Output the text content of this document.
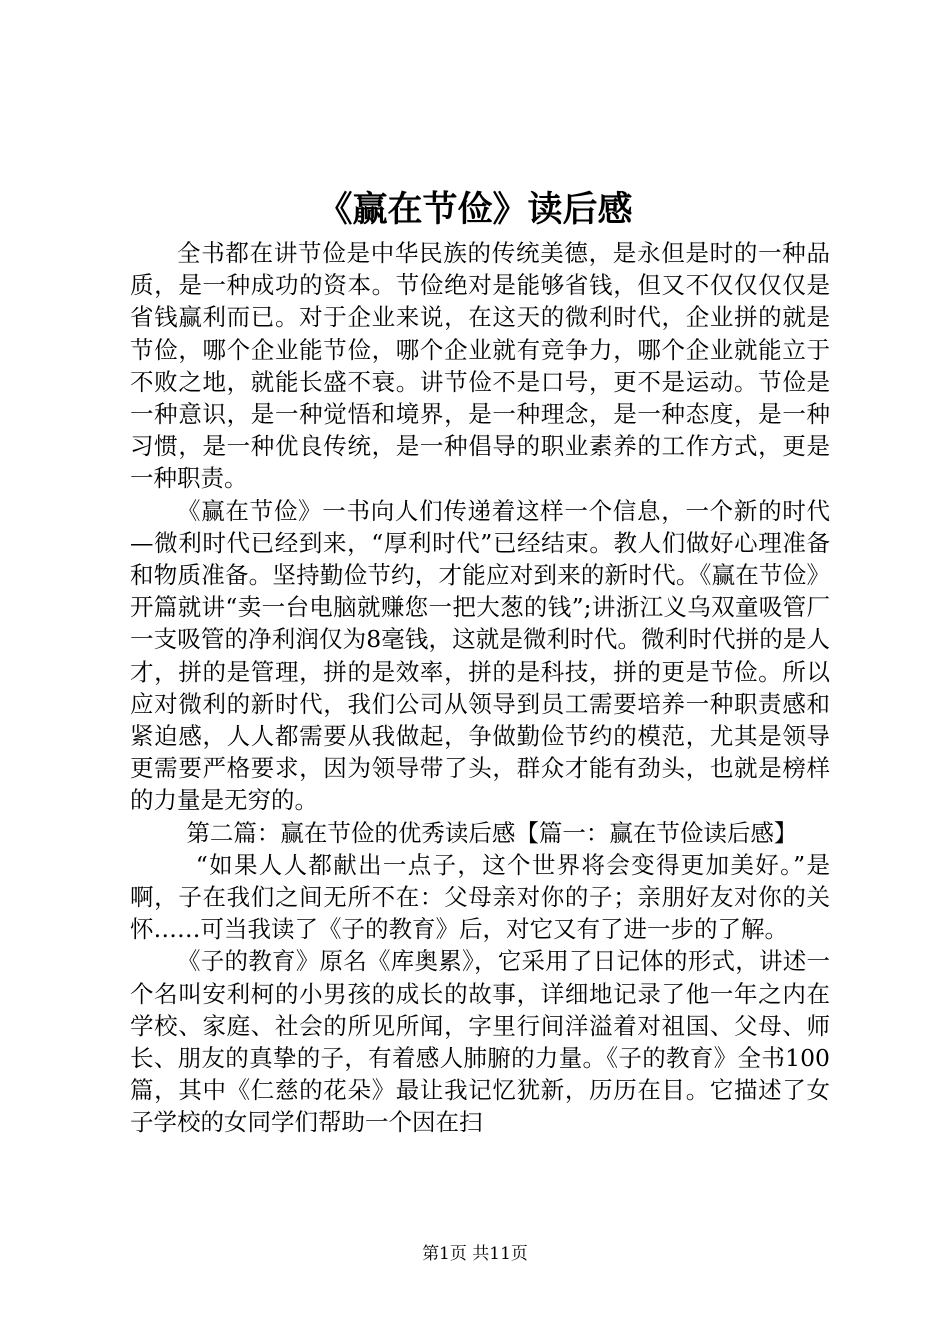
《赢在节俭》读后感

全书都在讲节俭是中华民族的传统美德，是永但是时的一种品质，是一种成功的资本。节俭绝对是能够省钱，但又不仅仅仅仅是省钱赢利而已。对于企业来说，在这天的微利时代，企业拼的就是节俭，哪个企业能节俭，哪个企业就有竞争力，哪个企业就能立于不败之地，就能长盛不衰。讲节俭不是口号，更不是运动。节俭是一种意识，是一种觉悟和境界，是一种理念，是一种态度，是一种习惯，是一种优良传统，是一种倡导的职业素养的工作方式，更是一种职责。

《赢在节俭》一书向人们传递着这样一个信息，一个新的时代—微利时代已经到来，“厚利时代”已经结束。教人们做好心理准备和物质准备。坚持勤俭节约，才能应对到来的新时代。《赢在节俭》开篇就讲“卖一台电脑就赚您一把大葱的钱”;讲浙江义乌双童吸管厂一支吸管的净利润仅为8毫钱，这就是微利时代。微利时代拼的是人才，拼的是管理，拼的是效率，拼的是科技，拼的更是节俭。所以应对微利的新时代，我们公司从领导到员工需要培养一种职责感和紧迫感，人人都需要从我做起，争做勤俭节约的模范，尤其是领导更需要严格要求，因为领导带了头，群众才能有劲头，也就是榜样的力量是无穷的。

第二篇：赢在节俭的优秀读后感【篇一：赢在节俭读后感】

“如果人人都献出一点子，这个世界将会变得更加美好。”是啊，子在我们之间无所不在：父母亲对你的子；亲朋好友对你的关怀……可当我读了《子的教育》后，对它又有了进一步的了解。

《子的教育》原名《库奥累》，它采用了日记体的形式，讲述一个名叫安利柯的小男孩的成长的故事，详细地记录了他一年之内在学校、家庭、社会的所见所闻，字里行间洋溢着对祖国、父母、师长、朋友的真挚的子，有着感人肺腑的力量。《子的教育》全书100篇，其中《仁慈的花朵》最让我记忆犹新，历历在目。它描述了女子学校的女同学们帮助一个因在扫

第1页 共11页
